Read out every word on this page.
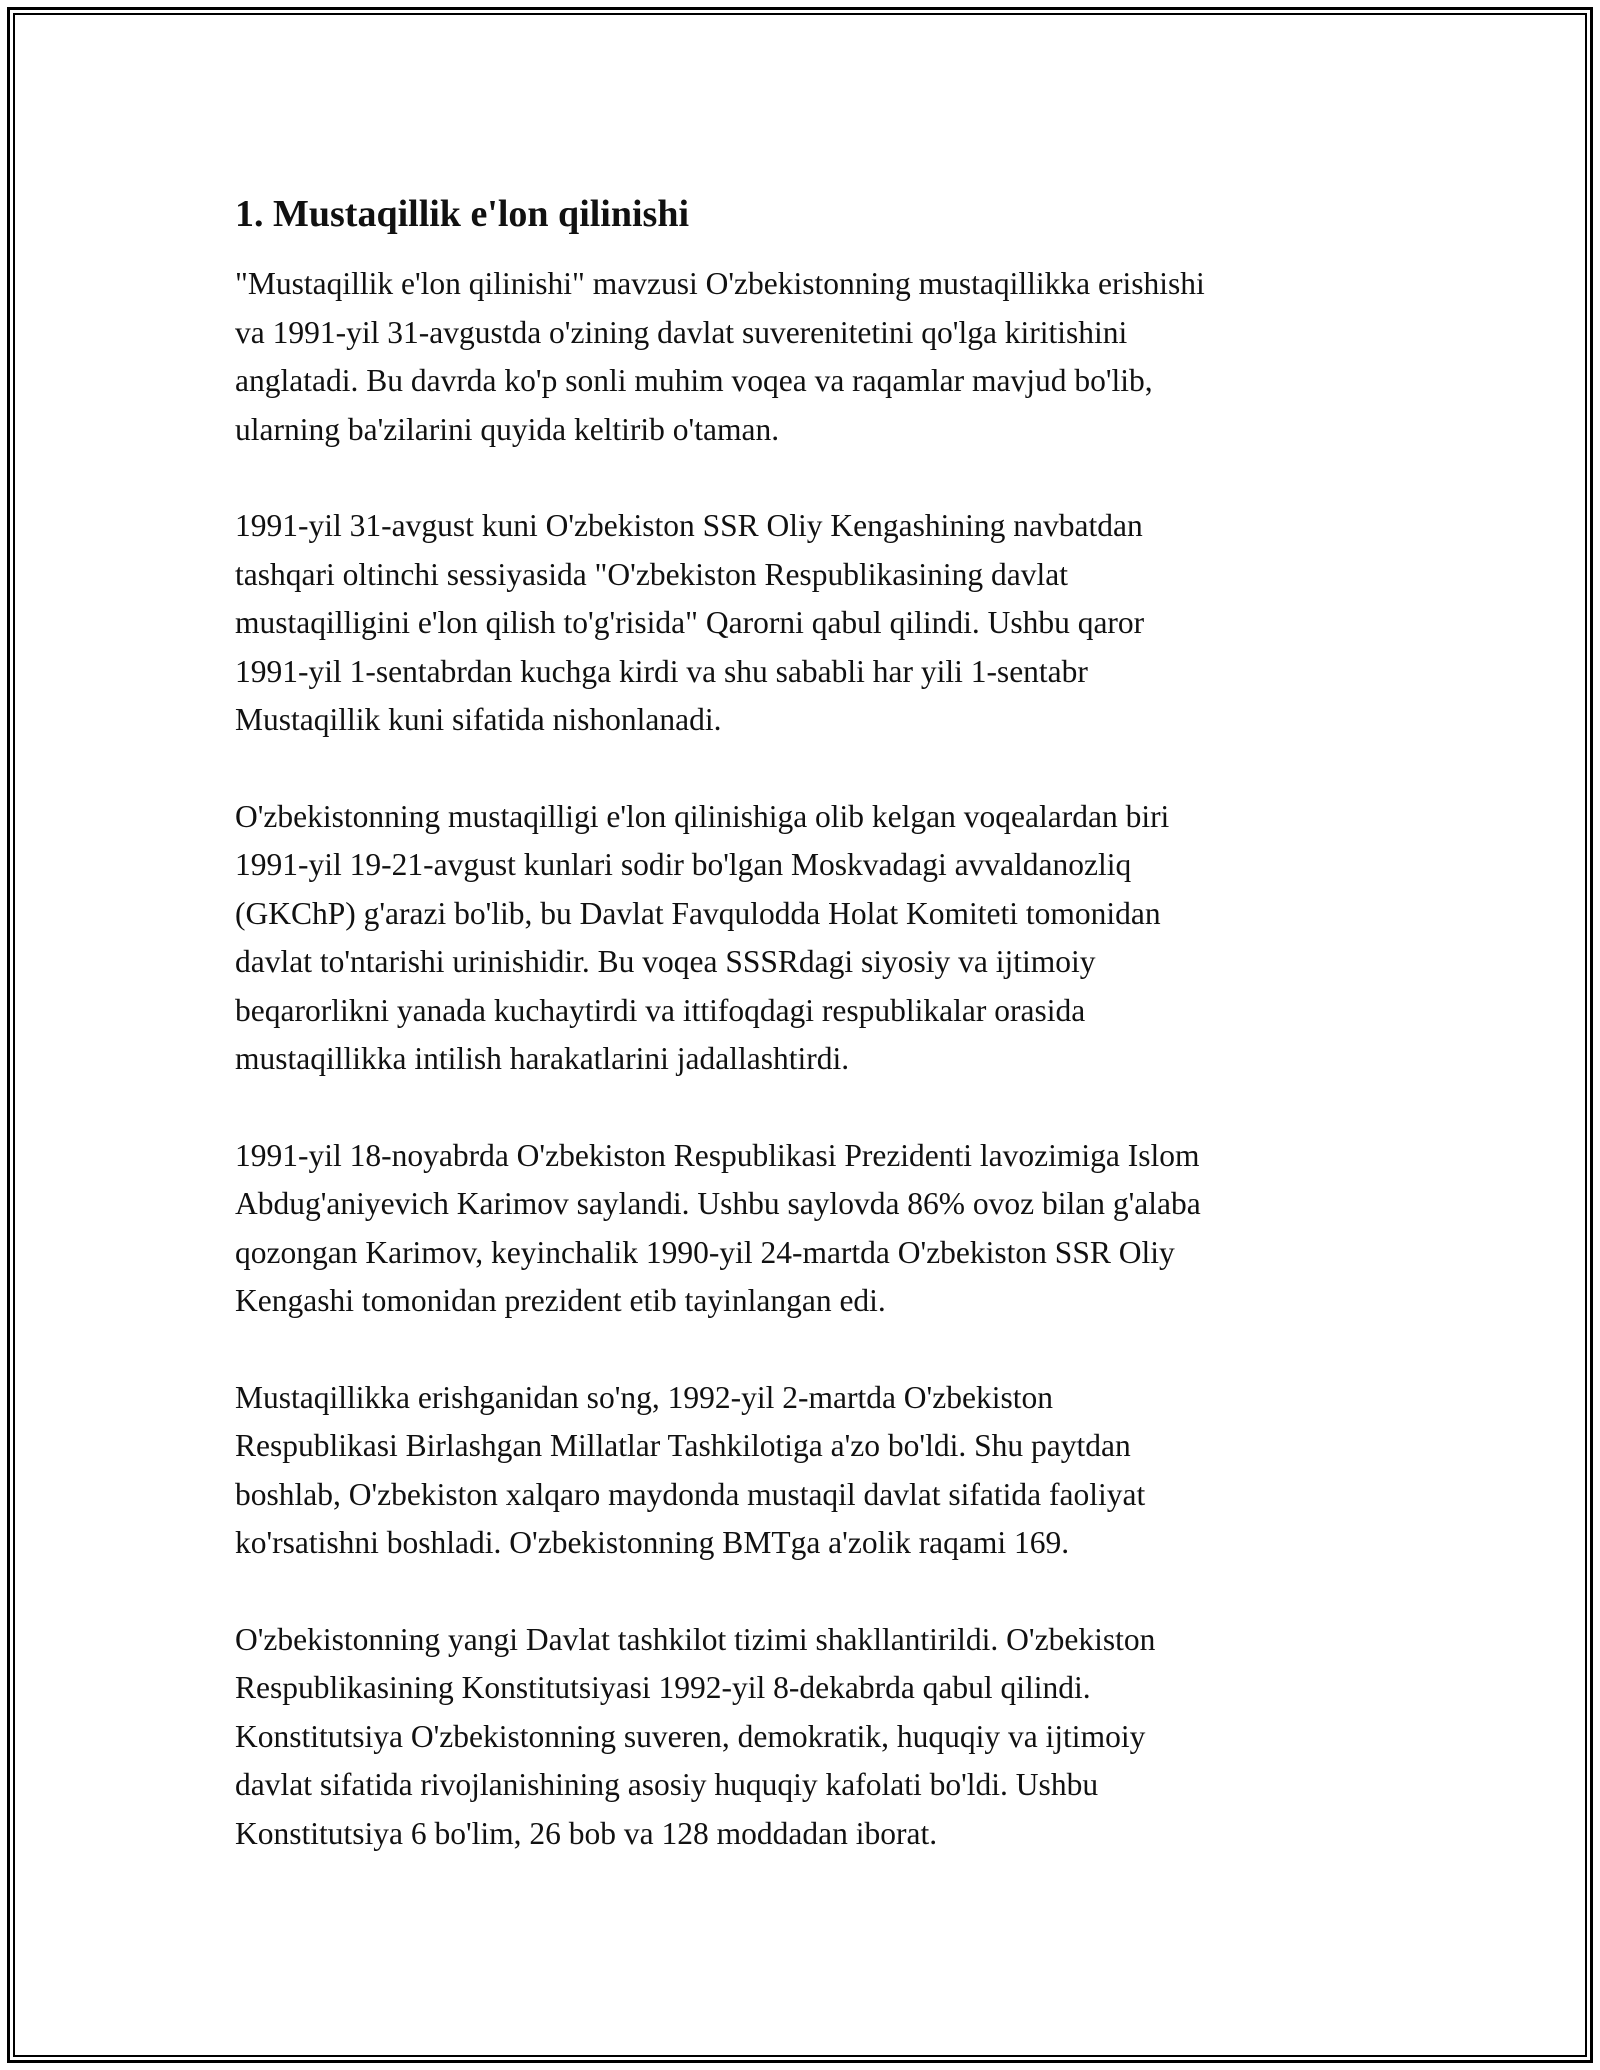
1. Mustaqillik e'lon qilinishi

"Mustaqillik e'lon qilinishi" mavzusi O'zbekistonning mustaqillikka erishishi
va 1991-yil 31-avgustda o'zining davlat suverenitetini qo'lga kiritishini
anglatadi. Bu davrda ko'p sonli muhim voqea va raqamlar mavjud bo'lib,
ularning ba'zilarini quyida keltirib o'taman.

1991-yil 31-avgust kuni O'zbekiston SSR Oliy Kengashining navbatdan
tashqari oltinchi sessiyasida "O'zbekiston Respublikasining davlat
mustaqilligini e'lon qilish to'g'risida" Qarorni qabul qilindi. Ushbu qaror
1991-yil 1-sentabrdan kuchga kirdi va shu sababli har yili 1-sentabr
Mustaqillik kuni sifatida nishonlanadi.

O'zbekistonning mustaqilligi e'lon qilinishiga olib kelgan voqealardan biri
1991-yil 19-21-avgust kunlari sodir bo'lgan Moskvadagi avvaldanozliq
(GKChP) g'arazi bo'lib, bu Davlat Favqulodda Holat Komiteti tomonidan
davlat to'ntarishi urinishidir. Bu voqea SSSRdagi siyosiy va ijtimoiy
beqarorlikni yanada kuchaytirdi va ittifoqdagi respublikalar orasida
mustaqillikka intilish harakatlarini jadallashtirdi.

1991-yil 18-noyabrda O'zbekiston Respublikasi Prezidenti lavozimiga Islom
Abdug'aniyevich Karimov saylandi. Ushbu saylovda 86% ovoz bilan g'alaba
qozongan Karimov, keyinchalik 1990-yil 24-martda O'zbekiston SSR Oliy
Kengashi tomonidan prezident etib tayinlangan edi.

Mustaqillikka erishganidan so'ng, 1992-yil 2-martda O'zbekiston
Respublikasi Birlashgan Millatlar Tashkilotiga a'zo bo'ldi. Shu paytdan
boshlab, O'zbekiston xalqaro maydonda mustaqil davlat sifatida faoliyat
ko'rsatishni boshladi. O'zbekistonning BMTga a'zolik raqami 169.

O'zbekistonning yangi Davlat tashkilot tizimi shakllantirildi. O'zbekiston
Respublikasining Konstitutsiyasi 1992-yil 8-dekabrda qabul qilindi.
Konstitutsiya O'zbekistonning suveren, demokratik, huquqiy va ijtimoiy
davlat sifatida rivojlanishining asosiy huquqiy kafolati bo'ldi. Ushbu
Konstitutsiya 6 bo'lim, 26 bob va 128 moddadan iborat.
